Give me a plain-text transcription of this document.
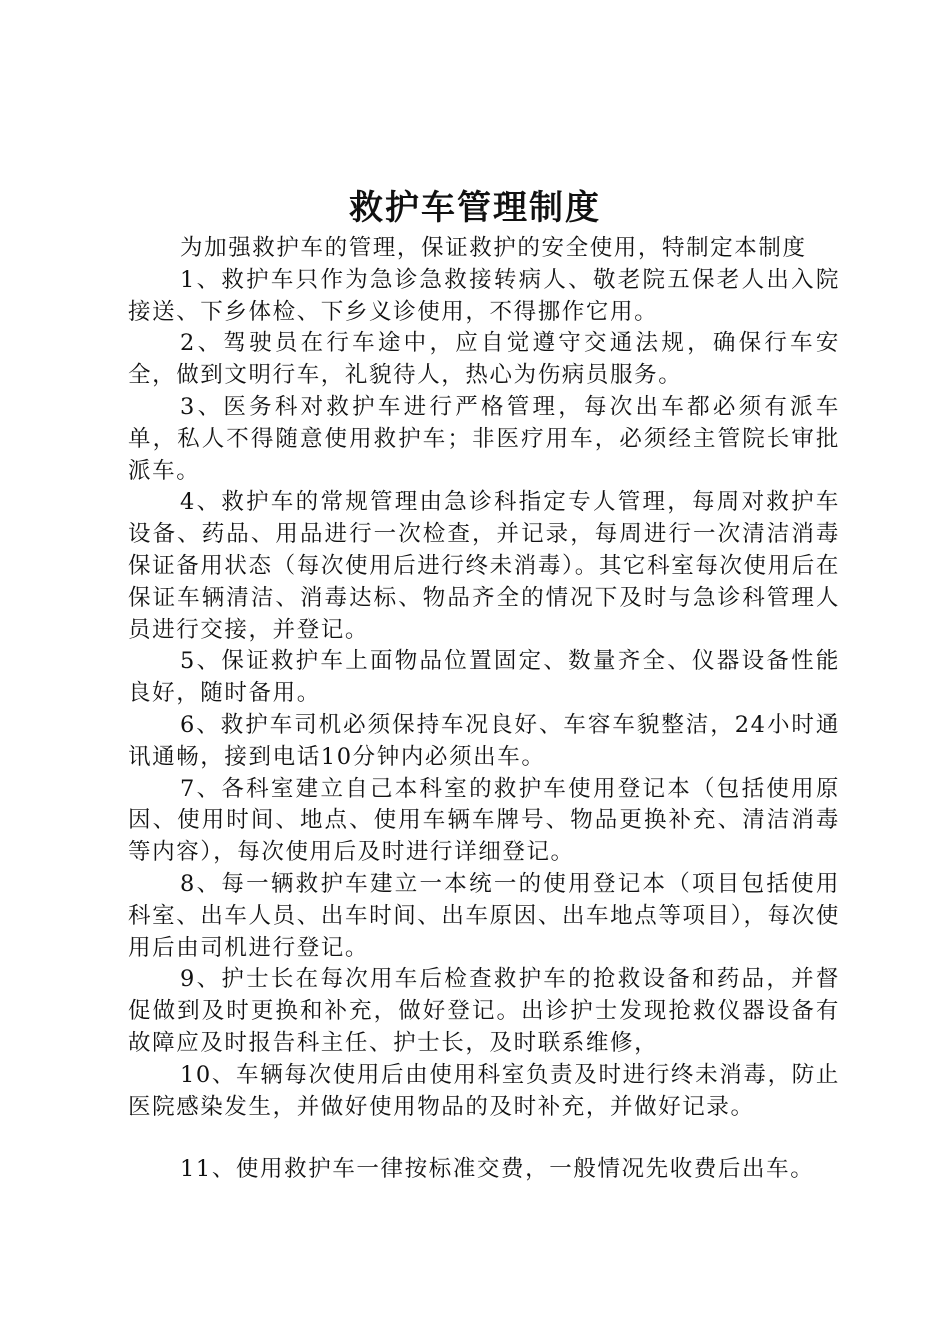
救护车管理制度

为加强救护车的管理，保证救护的安全使用，特制定本制度

1、救护车只作为急诊急救接转病人、敬老院五保老人出入院接送、下乡体检、下乡义诊使用，不得挪作它用。

2、驾驶员在行车途中，应自觉遵守交通法规，确保行车安全，做到文明行车，礼貌待人，热心为伤病员服务。

3、医务科对救护车进行严格管理，每次出车都必须有派车单，私人不得随意使用救护车；非医疗用车，必须经主管院长审批派车。

4、救护车的常规管理由急诊科指定专人管理，每周对救护车设备、药品、用品进行一次检查，并记录，每周进行一次清洁消毒保证备用状态（每次使用后进行终未消毒）。其它科室每次使用后在保证车辆清洁、消毒达标、物品齐全的情况下及时与急诊科管理人员进行交接，并登记。

5、保证救护车上面物品位置固定、数量齐全、仪器设备性能良好，随时备用。

6、救护车司机必须保持车况良好、车容车貌整洁，24小时通讯通畅，接到电话10分钟内必须出车。

7、各科室建立自己本科室的救护车使用登记本（包括使用原因、使用时间、地点、使用车辆车牌号、物品更换补充、清洁消毒等内容），每次使用后及时进行详细登记。

8、每一辆救护车建立一本统一的使用登记本（项目包括使用科室、出车人员、出车时间、出车原因、出车地点等项目），每次使用后由司机进行登记。

9、护士长在每次用车后检查救护车的抢救设备和药品，并督促做到及时更换和补充，做好登记。出诊护士发现抢救仪器设备有故障应及时报告科主任、护士长，及时联系维修，

10、车辆每次使用后由使用科室负责及时进行终未消毒，防止医院感染发生，并做好使用物品的及时补充，并做好记录。

11、使用救护车一律按标准交费，一般情况先收费后出车。
